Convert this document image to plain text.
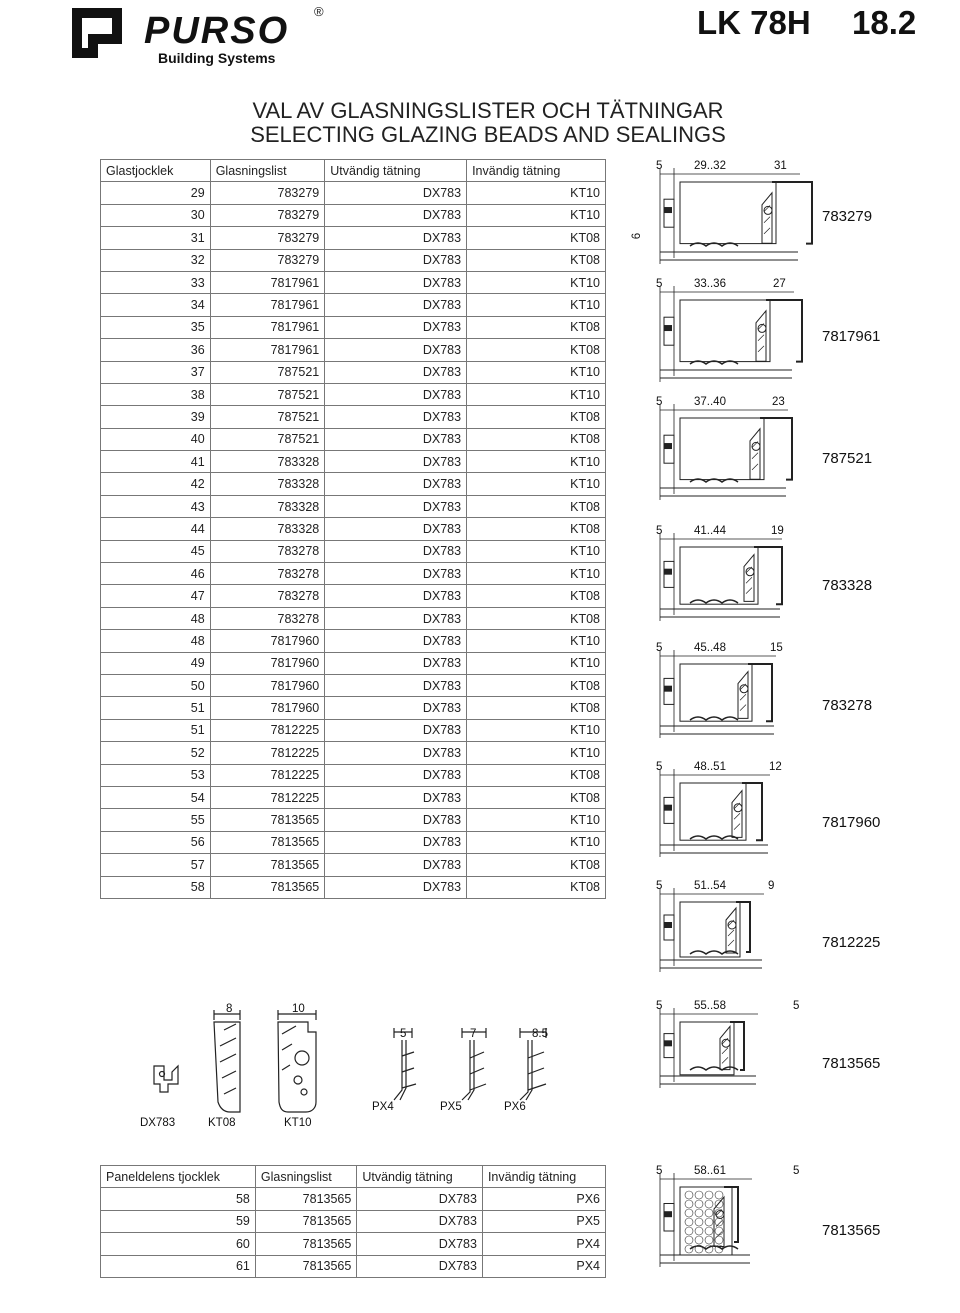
PURSO ®
Building Systems
LK 78H 18.2
VAL AV GLASNINGSLISTER OCH TÄTNINGAR
SELECTING GLAZING BEADS AND SEALINGS
Glastjocklek	Glasningslist	Utvändig tätning	Invändig tätning
29	783279	DX783	KT10
30	783279	DX783	KT10
31	783279	DX783	KT08
32	783279	DX783	KT08
33	7817961	DX783	KT10
34	7817961	DX783	KT10
35	7817961	DX783	KT08
36	7817961	DX783	KT08
37	787521	DX783	KT10
38	787521	DX783	KT10
39	787521	DX783	KT08
40	787521	DX783	KT08
41	783328	DX783	KT10
42	783328	DX783	KT10
43	783328	DX783	KT08
44	783328	DX783	KT08
45	783278	DX783	KT10
46	783278	DX783	KT10
47	783278	DX783	KT08
48	783278	DX783	KT08
48	7817960	DX783	KT10
49	7817960	DX783	KT10
50	7817960	DX783	KT08
51	7817960	DX783	KT08
51	7812225	DX783	KT10
52	7812225	DX783	KT10
53	7812225	DX783	KT08
54	7812225	DX783	KT08
55	7813565	DX783	KT10
56	7813565	DX783	KT10
57	7813565	DX783	KT08
58	7813565	DX783	KT08
Paneldelens tjocklek	Glasningslist	Utvändig tätning	Invändig tätning
58	7813565	DX783	PX6
59	7813565	DX783	PX5
60	7813565	DX783	PX4
61	7813565	DX783	PX4
5	29..32	31
6
783279
5	33..36	27
7817961
5	37..40	23
787521
5	41..44	19
783328
5	45..48	15
783278
5	48..51	12
7817960
5	51..54	9
7812225
5	55..58	5
7813565
5	58..61	5
7813565
8	10
5	7	8.5
DX783	KT08	KT10
PX4	PX5	PX6
